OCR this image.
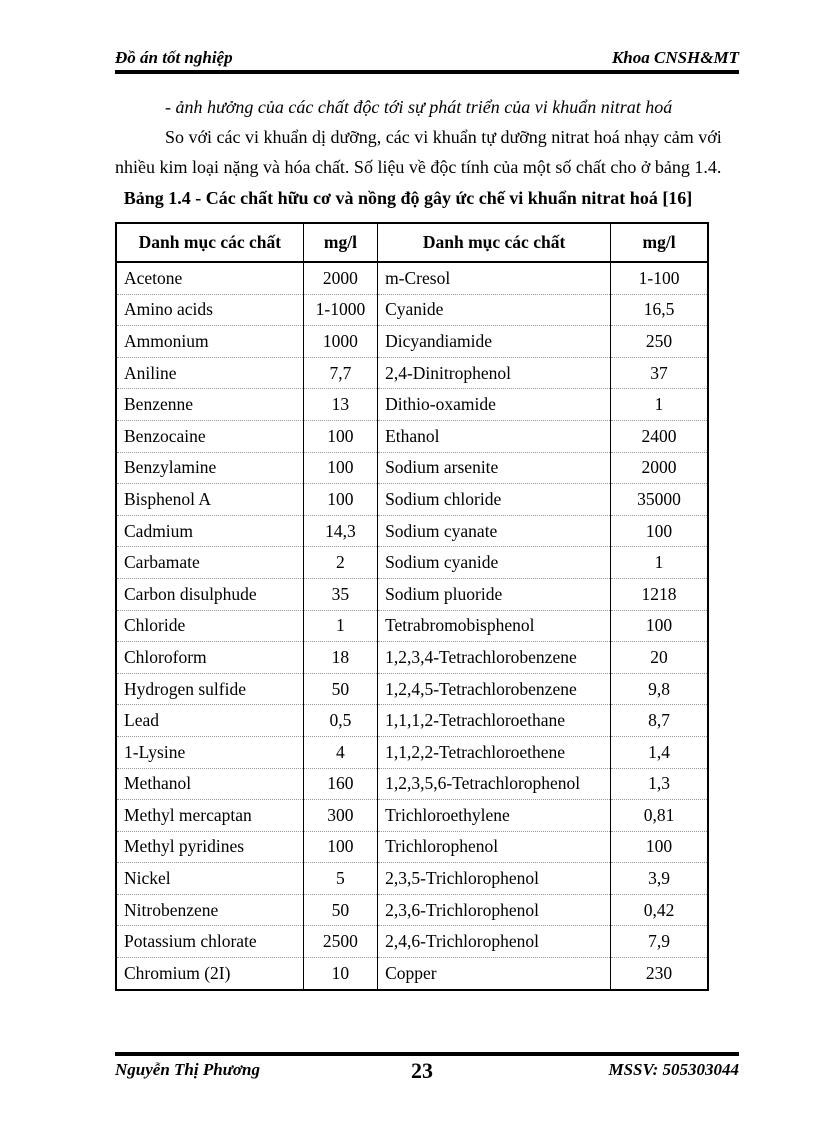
Đồ án tốt nghiệp	Khoa CNSH&MT
- ảnh hưởng của các chất độc tới sự phát triển của vi khuẩn nitrat hoá
So với các vi khuẩn dị dưỡng, các vi khuẩn tự dưỡng nitrat hoá nhạy cảm với
nhiều kim loại nặng và hóa chất. Số liệu về độc tính của một số chất cho ở bảng 1.4.
Bảng 1.4 - Các chất hữu cơ và nồng độ gây ức chế vi khuẩn nitrat hoá [16]
Danh mục các chất	mg/l	Danh mục các chất	mg/l
Acetone	2000	m-Cresol	1-100
Amino acids	1-1000	Cyanide	16,5
Ammonium	1000	Dicyandiamide	250
Aniline	7,7	2,4-Dinitrophenol	37
Benzenne	13	Dithio-oxamide	1
Benzocaine	100	Ethanol	2400
Benzylamine	100	Sodium arsenite	2000
Bisphenol A	100	Sodium chloride	35000
Cadmium	14,3	Sodium cyanate	100
Carbamate	2	Sodium cyanide	1
Carbon disulphude	35	Sodium pluoride	1218
Chloride	1	Tetrabromobisphenol	100
Chloroform	18	1,2,3,4-Tetrachlorobenzene	20
Hydrogen sulfide	50	1,2,4,5-Tetrachlorobenzene	9,8
Lead	0,5	1,1,1,2-Tetrachloroethane	8,7
1-Lysine	4	1,1,2,2-Tetrachloroethene	1,4
Methanol	160	1,2,3,5,6-Tetrachlorophenol	1,3
Methyl mercaptan	300	Trichloroethylene	0,81
Methyl pyridines	100	Trichlorophenol	100
Nickel	5	2,3,5-Trichlorophenol	3,9
Nitrobenzene	50	2,3,6-Trichlorophenol	0,42
Potassium chlorate	2500	2,4,6-Trichlorophenol	7,9
Chromium (2I)	10	Copper	230
Nguyễn Thị Phương	23	MSSV: 505303044
